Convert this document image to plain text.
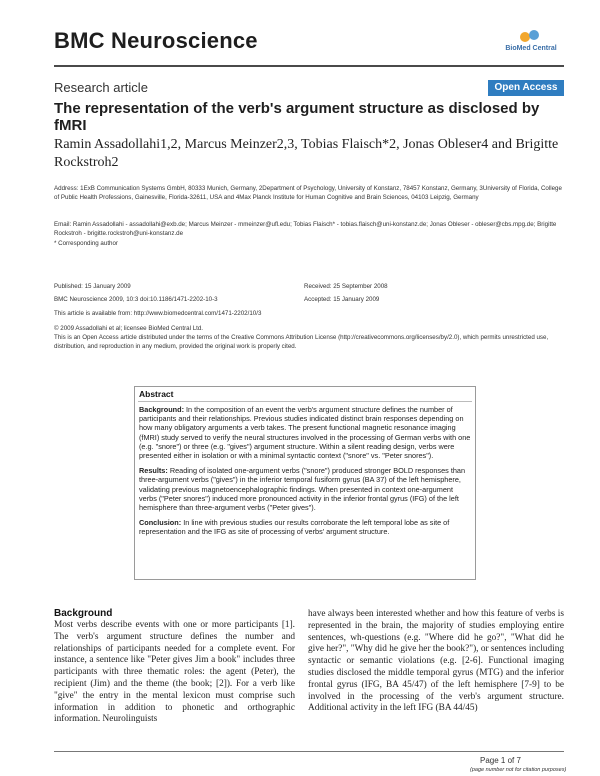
BMC Neuroscience	BioMed Central
Research article	Open Access
The representation of the verb's argument structure as disclosed by fMRI
Ramin Assadollahi1,2, Marcus Meinzer2,3, Tobias Flaisch*2, Jonas Obleser4 and Brigitte Rockstroh2
Address: 1ExB Communication Systems GmbH, 80333 Munich, Germany, 2Department of Psychology, University of Konstanz, 78457 Konstanz, Germany, 3University of Florida, College of Public Health Professions, Gainesville, Florida-32611, USA and 4Max Planck Institute for Human Cognitive and Brain Sciences, 04103 Leipzig, Germany
Email: Ramin Assadollahi - assadollahi@exb.de; Marcus Meinzer - mmeinzer@ufl.edu; Tobias Flaisch* - tobias.flaisch@uni-konstanz.de; Jonas Obleser - obleser@cbs.mpg.de; Brigitte Rockstroh - brigitte.rockstroh@uni-konstanz.de
* Corresponding author
Published: 15 January 2009
BMC Neuroscience 2009, 10:3 doi:10.1186/1471-2202-10-3
Received: 25 September 2008
Accepted: 15 January 2009
This article is available from: http://www.biomedcentral.com/1471-2202/10/3
© 2009 Assadollahi et al; licensee BioMed Central Ltd.
This is an Open Access article distributed under the terms of the Creative Commons Attribution License (http://creativecommons.org/licenses/by/2.0), which permits unrestricted use, distribution, and reproduction in any medium, provided the original work is properly cited.
Abstract

Background: In the composition of an event the verb's argument structure defines the number of participants and their relationships. Previous studies indicated distinct brain responses depending on how many obligatory arguments a verb takes. The present functional magnetic resonance imaging (fMRI) study served to verify the neural structures involved in the processing of German verbs with one (e.g. "snore") or three (e.g. "gives") argument structure. Within a silent reading design, verbs were presented either in isolation or with a minimal syntactic context ("snore" vs. "Peter snores").

Results: Reading of isolated one-argument verbs ("snore") produced stronger BOLD responses than three-argument verbs ("gives") in the inferior temporal fusiform gyrus (BA 37) of the left hemisphere, validating previous magnetoencephalographic findings. When presented in context one-argument verbs ("Peter snores") induced more pronounced activity in the inferior frontal gyrus (IFG) of the left hemisphere than three-argument verbs ("Peter gives").

Conclusion: In line with previous studies our results corroborate the left temporal lobe as site of representation and the IFG as site of processing of verbs' argument structure.

Background
Most verbs describe events with one or more participants [1]. The verb's argument structure defines the number and relationships of participants needed for a complete event. For instance, a sentence like "Peter gives Jim a book" includes three participants with three thematic roles: the agent (Peter), the recipient (Jim) and the theme (the book; [2]). For a verb like "give" the entry in the mental lexicon must comprise such information in addition to phonetic and orthographic information. Neurolinguists
have always been interested whether and how this feature of verbs is represented in the brain, the majority of studies employing entire sentences, wh-questions (e.g. "Where did he go?", "What did he give her?", "Why did he give her the book?"), or sentences including syntactic or semantic violations (e.g. [2-6]. Functional imaging studies disclosed the middle temporal gyrus (MTG) and the inferior frontal gyrus (IFG, BA 45/47) of the left hemisphere [7-9] to be involved in the processing of the verb's argument structure. Additional activity in the left IFG (BA 44/45)
Page 1 of 7
(page number not for citation purposes)
